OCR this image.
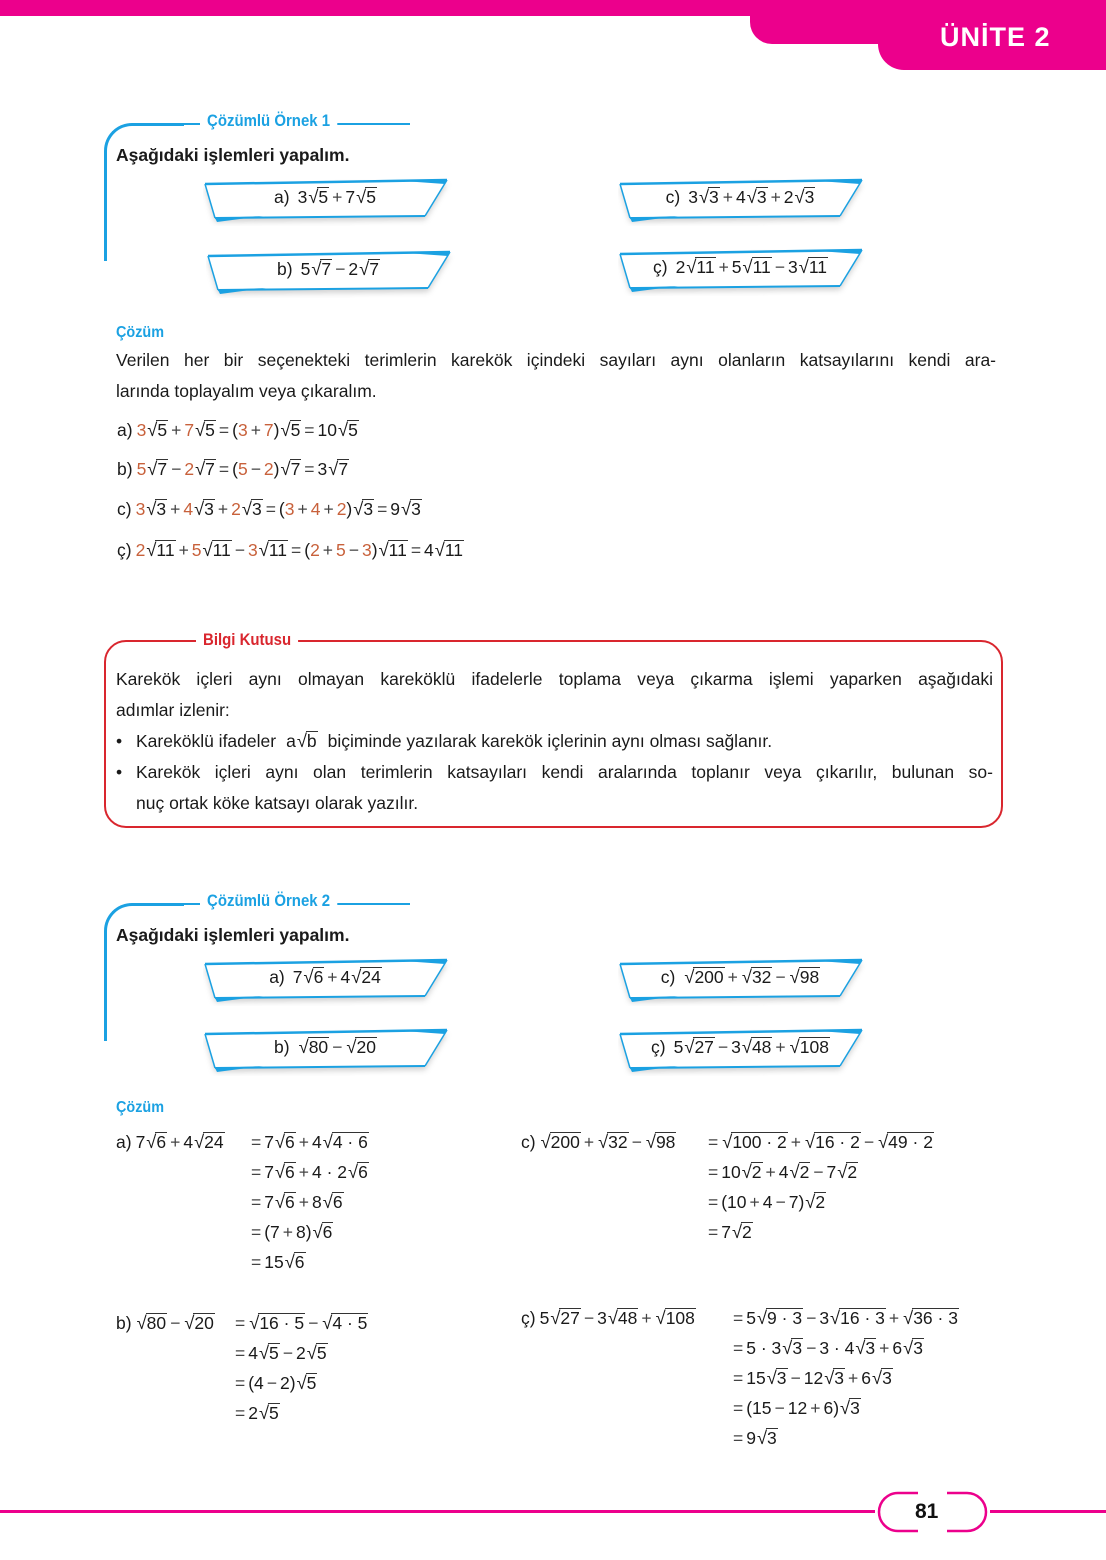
ÜNİTE 2
Çözümlü Örnek 1
Aşağıdaki işlemleri yapalım.
a) 3 √ 5 + 7 √ 5
b) 5 √ 7 − 2 √ 7
c) 3 √ 3 + 4 √ 3 + 2 √ 3
ç) 2 √ 11 + 5 √ 11 − 3 √ 11
Çözüm
Verilen her bir seçenekteki terimlerin karekök içindeki sayıları aynı olanların katsayılarını kendi ara-
larında toplayalım veya çıkaralım.
a) 3 √ 5 + 7 √ 5 = ( 3 + 7 ) √ 5 = 10 √ 5
b) 5 √ 7 − 2 √ 7 = ( 5 − 2 ) √ 7 = 3 √ 7
c) 3 √ 3 + 4 √ 3 + 2 √ 3 = ( 3 + 4 + 2 ) √ 3 = 9 √ 3
ç) 2 √ 11 + 5 √ 11 − 3 √ 11 = ( 2 + 5 − 3 ) √ 11 = 4 √ 11
Bilgi Kutusu
Karekök içleri aynı olmayan kareköklü ifadelerle toplama veya çıkarma işlemi yaparken aşağıdaki
adımlar izlenir:
• Kareköklü ifadeler a √ b biçiminde yazılarak karekök içlerinin aynı olması sağlanır.
• Karekök içleri aynı olan terimlerin katsayıları kendi aralarında toplanır veya çıkarılır, bulunan so-
nuç ortak köke katsayı olarak yazılır.
Çözümlü Örnek 2
Aşağıdaki işlemleri yapalım.
a) 7 √ 6 + 4 √ 24
b) √ 80 − √ 20
c) √ 200 + √ 32 − √ 98
ç) 5 √ 27 − 3 √ 48 + √ 108
Çözüm
a) 7 √ 6 + 4 √ 24 = 7 √ 6 + 4 √ 4 · 6
= 7 √ 6 + 4 · 2 √ 6
= 7 √ 6 + 8 √ 6
= (7 + 8) √ 6
= 15 √ 6
b) √ 80 − √ 20 = √ 16 · 5 − √ 4 · 5
= 4 √ 5 − 2 √ 5
= (4 − 2) √ 5
= 2 √ 5
c) √ 200 + √ 32 − √ 98 = √ 100 · 2 + √ 16 · 2 − √ 49 · 2
= 10 √ 2 + 4 √ 2 − 7 √ 2
= (10 + 4 − 7) √ 2
= 7 √ 2
ç) 5 √ 27 − 3 √ 48 + √ 108 = 5 √ 9 · 3 − 3 √ 16 · 3 + √ 36 · 3
= 5 · 3 √ 3 − 3 · 4 √ 3 + 6 √ 3
= 15 √ 3 − 12 √ 3 + 6 √ 3
= (15 − 12 + 6) √ 3
= 9 √ 3
81
